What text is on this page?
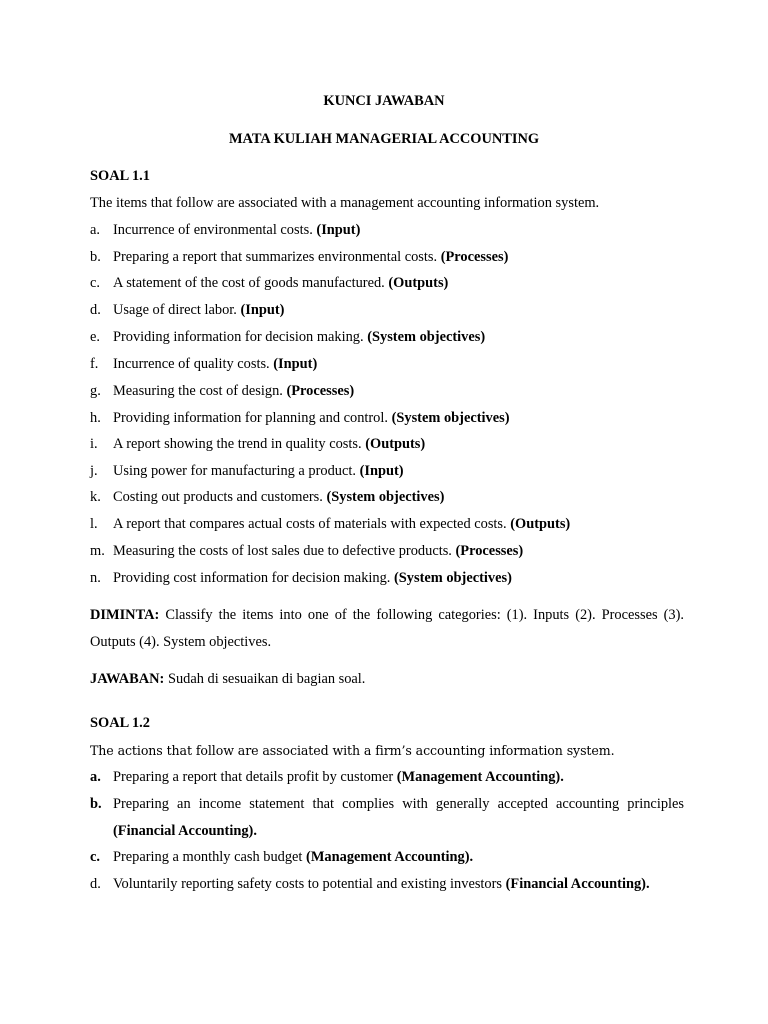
KUNCI JAWABAN
MATA KULIAH MANAGERIAL ACCOUNTING
SOAL 1.1
The items that follow are associated with a management accounting information system.
a. Incurrence of environmental costs. (Input)
b. Preparing a report that summarizes environmental costs. (Processes)
c. A statement of the cost of goods manufactured. (Outputs)
d. Usage of direct labor. (Input)
e. Providing information for decision making. (System objectives)
f. Incurrence of quality costs. (Input)
g. Measuring the cost of design. (Processes)
h. Providing information for planning and control. (System objectives)
i. A report showing the trend in quality costs. (Outputs)
j. Using power for manufacturing a product. (Input)
k. Costing out products and customers. (System objectives)
l. A report that compares actual costs of materials with expected costs. (Outputs)
m. Measuring the costs of lost sales due to defective products. (Processes)
n. Providing cost information for decision making. (System objectives)
DIMINTA: Classify the items into one of the following categories: (1). Inputs (2). Processes (3).
Outputs (4). System objectives.
JAWABAN: Sudah di sesuaikan di bagian soal.
SOAL 1.2
The actions that follow are associated with a firm’s accounting information system.
a. Preparing a report that details profit by customer (Management Accounting).
b. Preparing an income statement that complies with generally accepted accounting principles
(Financial Accounting).
c. Preparing a monthly cash budget (Management Accounting).
d. Voluntarily reporting safety costs to potential and existing investors (Financial Accounting).
